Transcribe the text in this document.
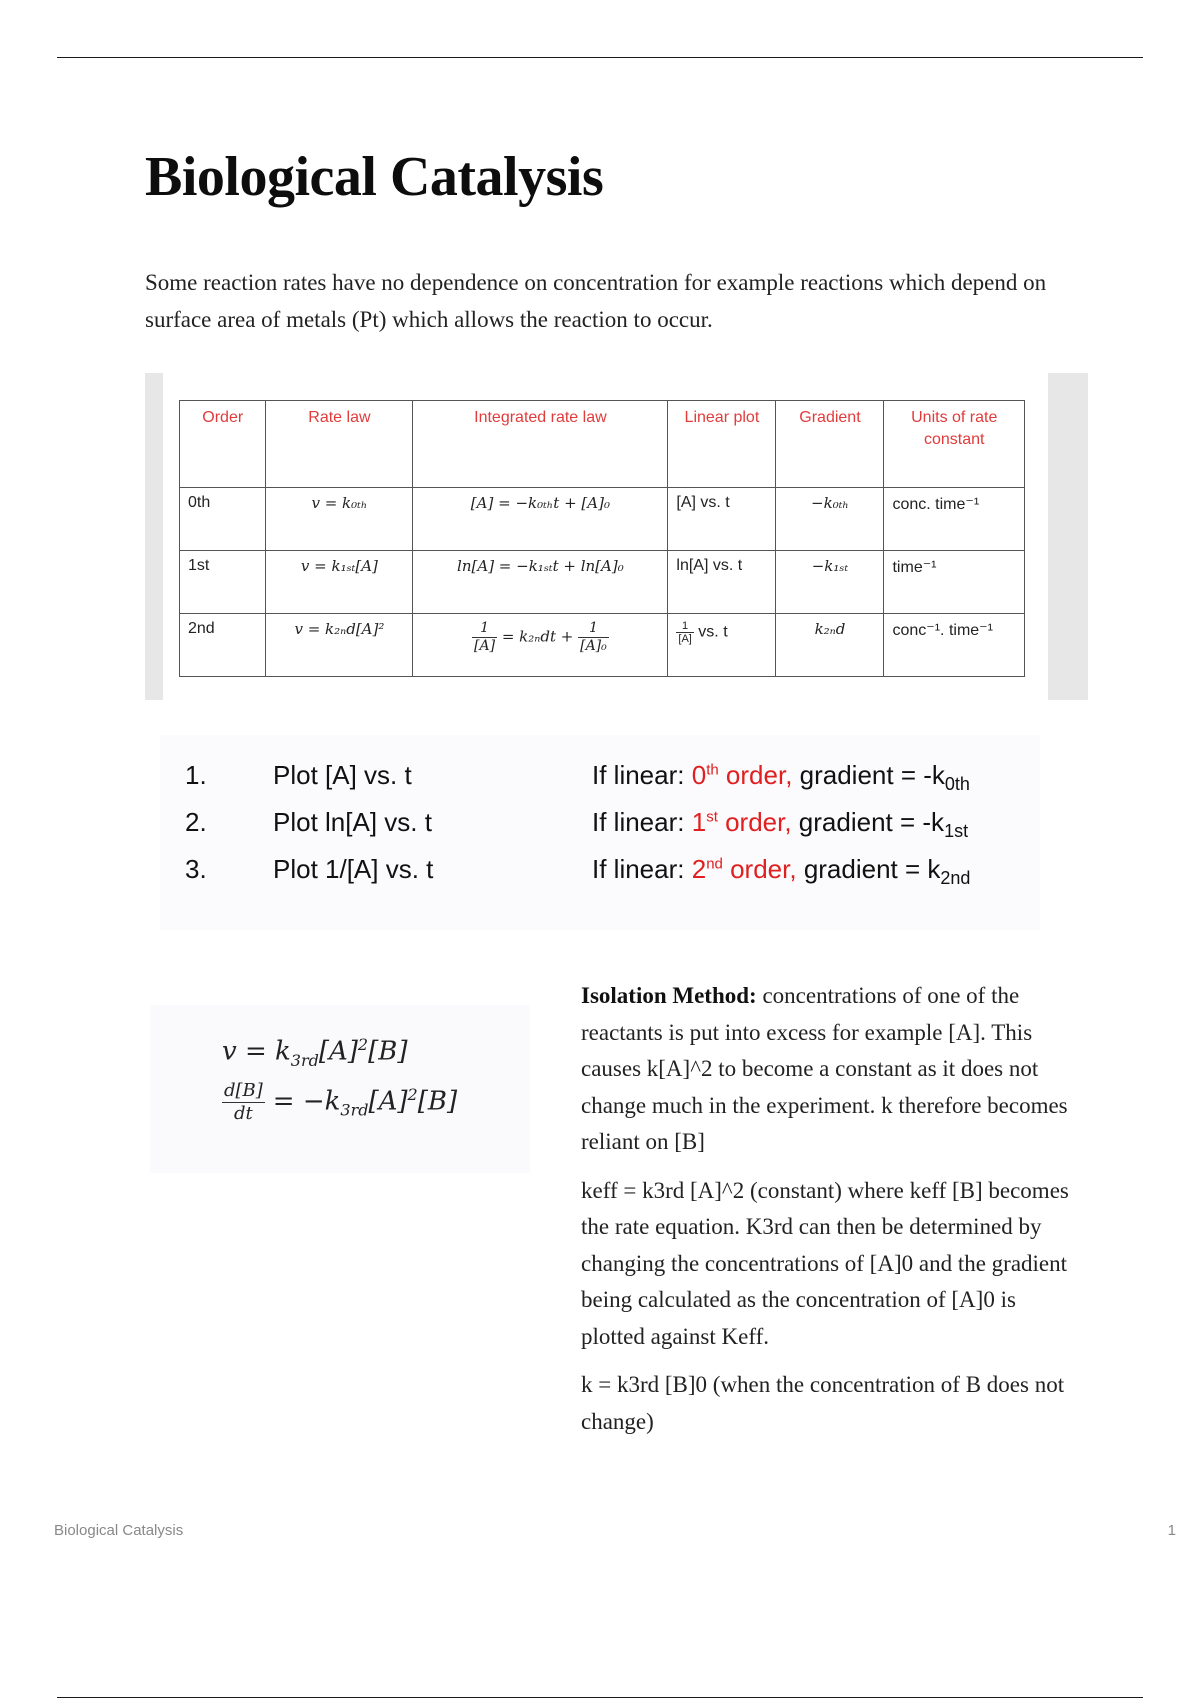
Biological Catalysis

Some reaction rates have no dependence on concentration for example reactions which depend on surface area of metals (Pt) which allows the reaction to occur.

Order	Rate law	Integrated rate law	Linear plot	Gradient	Units of rate constant
0th	v = k₀ₜₕ	[A] = −k₀ₜₕt + [A]₀	[A] vs. t	−k₀ₜₕ	conc. time⁻¹
1st	v = k₁ₛₜ[A]	ln[A] = −k₁ₛₜt + ln[A]₀	ln[A] vs. t	−k₁ₛₜ	time⁻¹
2nd	v = k₂ₙd[A]²	$\frac{1}{[A]} = k_{2n}dt + \frac{1}{\text{[A]₀}}$	$\frac{1}{[A]}$ vs. t	k₂ₙd	conc⁻¹. time⁻¹
1.	Plot [A] vs. t	If linear: 0th order, gradient = $-k_{0th}$
2.	Plot ln[A] vs. t	If linear: 1st order, gradient = $-k_{1st}$
3.	Plot 1/[A] vs. t	If linear: 2nd order, gradient = $k_{2nd}$
$v = k_{3rd}[A]^2[B]$
$\frac{d[B]}{dt} = -k_{3rd}[A]^2[B]$

Isolation Method: concentrations of one of the reactants is put into excess for example [A]. This causes k[A]^2 to become a constant as it does not change much in the experiment. k therefore becomes reliant on [B]

keff = k3rd [A]^2 (constant) where keff [B] becomes the rate equation. K3rd can then be determined by changing the concentrations of [A]0 and the gradient being calculated as the concentration of [A]0 is plotted against Keff.

k = k3rd [B]0 (when the concentration of B does not change)

Biological Catalysis	1
